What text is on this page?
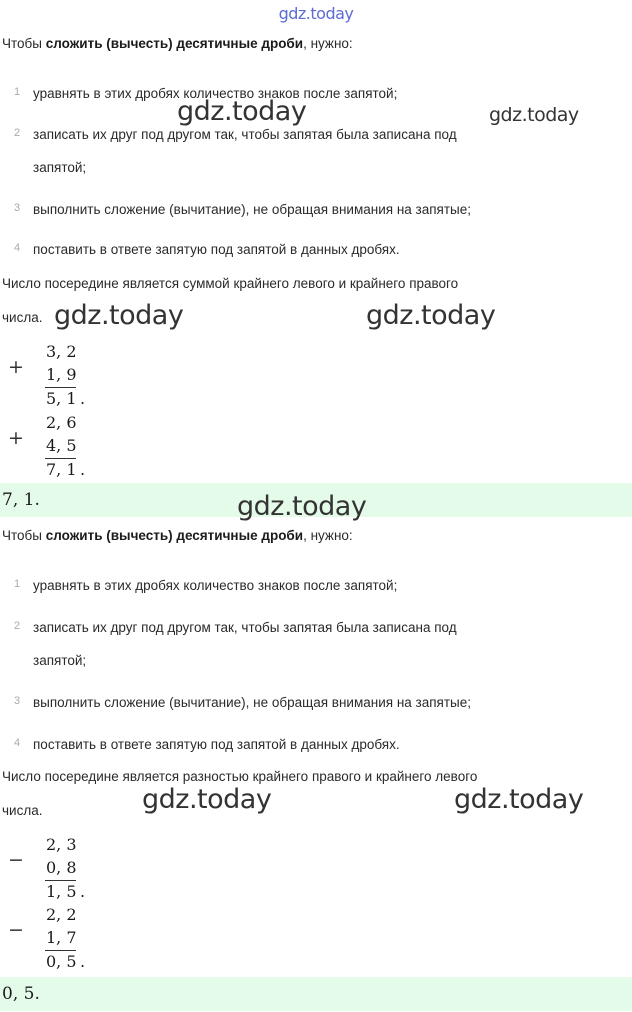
gdz.today
Чтобы сложить (вычесть) десятичные дроби, нужно:
1 уравнять в этих дробях количество знаков после запятой;
2 записать их друг под другом так, чтобы запятая была записана под
запятой;
3 выполнить сложение (вычитание), не обращая внимания на запятые;
4 поставить в ответе запятую под запятой в данных дробях.
Число посередине является суммой крайнего левого и крайнего правого
числа.
+
3, 2
1, 9
5, 1 .
+
2, 6
4, 5
7, 1 .
7, 1.
Чтобы сложить (вычесть) десятичные дроби, нужно:
1 уравнять в этих дробях количество знаков после запятой;
2 записать их друг под другом так, чтобы запятая была записана под
запятой;
3 выполнить сложение (вычитание), не обращая внимания на запятые;
4 поставить в ответе запятую под запятой в данных дробях.
Число посередине является разностью крайнего правого и крайнего левого
числа.
−
2, 3
0, 8
1, 5 .
−
2, 2
1, 7
0, 5 .
0, 5.
gdz.today	gdz.today
gdz.today	gdz.today
gdz.today
gdz.today	gdz.today
